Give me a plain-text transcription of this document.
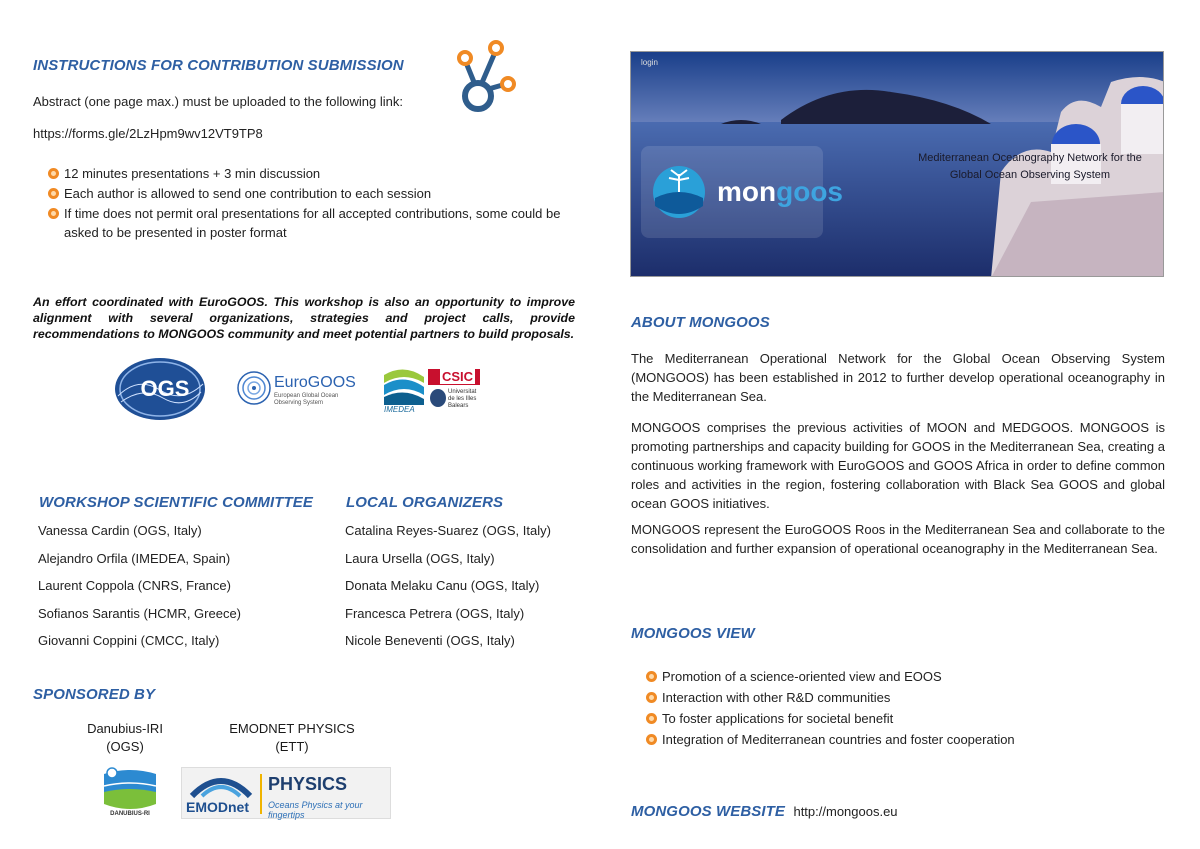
INSTRUCTIONS FOR CONTRIBUTION SUBMISSION
Abstract (one page max.) must be uploaded to the following link:
https://forms.gle/2LzHpm9wv12VT9TP8
12 minutes presentations + 3 min discussion
Each author is allowed to send one contribution to each session
If time does not permit oral presentations for all accepted contributions, some could be asked to be presented in poster format
An effort coordinated with EuroGOOS. This workshop is also an opportunity to improve alignment with several organizations, strategies and project calls, provide recommendations to MONGOOS community and meet potential partners to build proposals.
OGS	EuroGOOS
European Global Ocean Observing System
IMEDEA
CSIC
Universitat de les Illes Balears
WORKSHOP SCIENTIFIC COMMITTEE
Vanessa Cardin (OGS, Italy)
Alejandro Orfila (IMEDEA, Spain)
Laurent Coppola (CNRS, France)
Sofianos Sarantis (HCMR, Greece)
Giovanni Coppini (CMCC, Italy)
LOCAL ORGANIZERS
Catalina Reyes-Suarez (OGS, Italy)
Laura Ursella (OGS, Italy)
Donata Melaku Canu (OGS, Italy)
Francesca Petrera (OGS, Italy)
Nicole Beneventi (OGS, Italy)
SPONSORED BY
Danubius-IRI
(OGS)
EMODNET PHYSICS
(ETT)
DANUBIUS-RI	EMODnet
PHYSICS
Oceans Physics at your fingertips
login
mongoos
Mediterranean Oceanography Network for the
Global Ocean Observing System
ABOUT MONGOOS
The Mediterranean Operational Network for the Global Ocean Observing System (MONGOOS) has been established in 2012 to further develop operational oceanography in the Mediterranean Sea.
MONGOOS comprises the previous activities of MOON and MEDGOOS. MONGOOS is promoting partnerships and capacity building for GOOS in the Mediterranean Sea, creating a continuous working framework with EuroGOOS and GOOS Africa in order to define common roles and activities in the region, fostering collaboration with Black Sea GOOS and global ocean GOOS initiatives.
MONGOOS represent the EuroGOOS Roos in the Mediterranean Sea and collaborate to the consolidation and further expansion of operational oceanography in the Mediterranean Sea.
MONGOOS VIEW
Promotion of a science-oriented view and EOOS
Interaction with other R&D communities
To foster applications for societal benefit
Integration of Mediterranean countries and foster cooperation
MONGOOS WEBSITE http://mongoos.eu
